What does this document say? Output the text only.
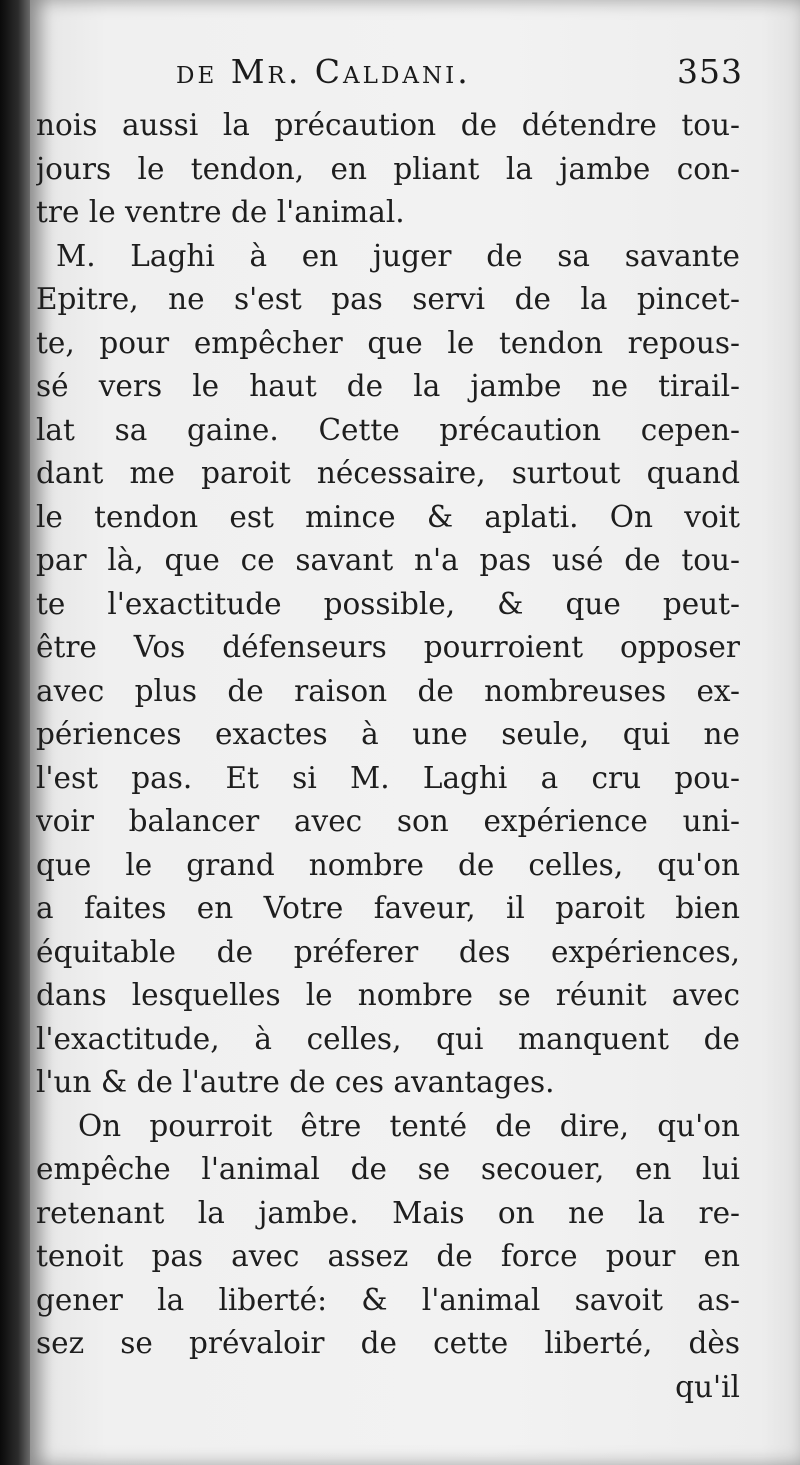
de Mr. Caldani.	353
nois aussi la précaution de détendre tou-
jours le tendon, en pliant la jambe con-
tre le ventre de l'animal.
M. Laghi à en juger de sa savante
Epitre, ne s'est pas servi de la pincet-
te, pour empêcher que le tendon repous-
sé vers le haut de la jambe ne tirail-
lat sa gaine. Cette précaution cepen-
dant me paroit nécessaire, surtout quand
le tendon est mince & aplati. On voit
par là, que ce savant n'a pas usé de tou-
te l'exactitude possible, & que peut-
être Vos défenseurs pourroient opposer
avec plus de raison de nombreuses ex-
périences exactes à une seule, qui ne
l'est pas. Et si M. Laghi a cru pou-
voir balancer avec son expérience uni-
que le grand nombre de celles, qu'on
a faites en Votre faveur, il paroit bien
équitable de préferer des expériences,
dans lesquelles le nombre se réunit avec
l'exactitude, à celles, qui manquent de
l'un & de l'autre de ces avantages.
On pourroit être tenté de dire, qu'on
empêche l'animal de se secouer, en lui
retenant la jambe. Mais on ne la re-
tenoit pas avec assez de force pour en
gener la liberté: & l'animal savoit as-
sez se prévaloir de cette liberté, dès
qu'il
